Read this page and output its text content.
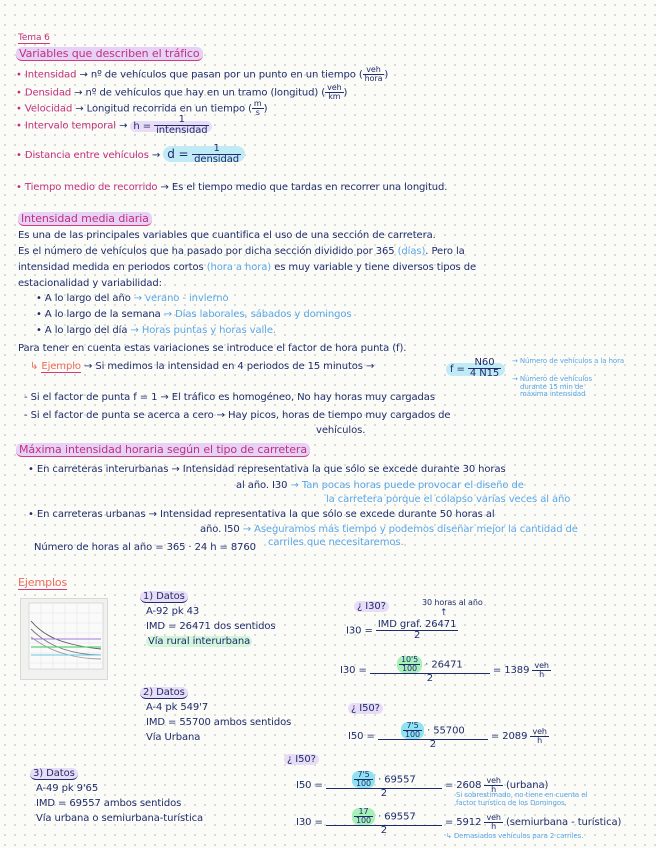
Tema 6
Variables que describen el tráfico
• Intensidad → nº de vehículos que pasan por un punto en un tiempo ( $\frac{\text{veh}}{\text{hora}}$ )
• Densidad → nº de vehículos que hay en un tramo (longitud) ( $\frac{\text{veh}}{km}$ )
• Velocidad → Longitud recorrida en un tiempo ( $\frac{m}{s}$ )
• Intervalo temporal → $h = \frac{1}{\text{intensidad}}$
• Distancia entre vehículos → $d = \frac{1}{\text{densidad}}$
• Tiempo medio de recorrido → Es el tiempo medio que tardas en recorrer una longitud.
Intensidad media diaria
Es una de las principales variables que cuantifica el uso de una sección de carretera.
Es el número de vehículos que ha pasado por dicha sección dividido por 365 (días). Pero la
intensidad medida en periodos cortos (hora a hora) es muy variable y tiene diversos tipos de
estacionalidad y variabilidad:
• A lo largo del año → verano - invierno
• A lo largo de la semana → Días laborales, sábados y domingos
• A lo largo del día → Horas puntas y horas valle.
Para tener en cuenta estas variaciones se introduce el factor de hora punta (f).
↳ Ejemplo → Si medimos la intensidad en 4 periodos de 15 minutos →	$f = \frac{N60}{4 N15}$ → Número de vehículos a la hora
→ Número de vehículos
durante 15 min de
máxima intensidad
- Si el factor de punta f = 1 → El tráfico es homogéneo, No hay horas muy cargadas
- Si el factor de punta se acerca a cero → Hay picos, horas de tiempo muy cargados de
vehículos.
Máxima intensidad horaria según el tipo de carretera
• En carreteras interurbanas → Intensidad representativa la que sólo se excede durante 30 horas
al año. I30 → Tan pocas horas puede provocar el diseño de
la carretera porque el colapso varias veces al año
• En carreteras urbanas → Intensidad representativa la que sólo se excede durante 50 horas al
año. I50 → Aseguramos más tiempo y podemos diseñar mejor la cantidad de
carriles que necesitaremos.
Número de horas al año = 365 · 24 h = 8760
Ejemplos
1) Datos
A-92 pk 43
IMD = 26471 dos sentidos
Vía rural interurbana
2) Datos
A-4 pk 549'7
IMD = 55700 ambos sentidos
Vía Urbana
3) Datos
A-49 pk 9'65
IMD = 69557 ambos sentidos
Vía urbana o semiurbana-turística
¿ I30?	30 horas al año
↑
$I30 = \frac{\text{IMD graf. 26471}}{2}$
$I30 = \frac{\frac{10'5}{100} \cdot 26471}{2} = 1389 \frac{\text{veh}}{h}$
¿ I50?
$I50 = \frac{\frac{7'5}{100} \cdot 55700}{2} = 2089 \frac{\text{veh}}{h}$
¿ I50?
$I50 = \frac{\frac{7'5}{100} \cdot 69557}{2} = 2608 \frac{\text{veh}}{h}$ (urbana)
Si sobrestimado, no tiene en cuenta el
factor turístico de los Domingos.
$I30 = \frac{\frac{17}{100} \cdot 69557}{2} = 5912 \frac{\text{veh}}{h}$ (semiurbana - turística)
↳ Demasiados vehículos para 2 carriles.
